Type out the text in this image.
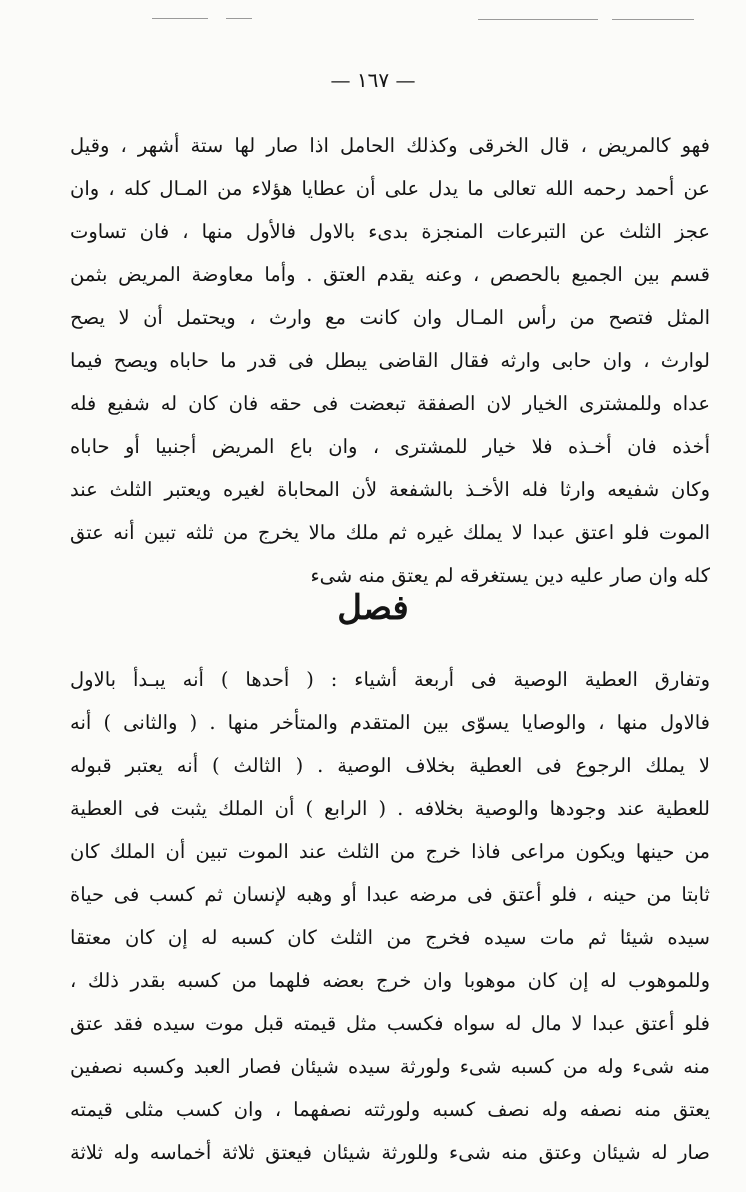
— ١٦٧ —
فهو كالمريض ، قال الخرقى وكذلك الحامل اذا صار لها ستة أشهر ، وقيل
عن أحمد رحمه الله تعالى ما يدل على أن عطايا هؤلاء من المـال كله ، وان
عجز الثلث عن التبرعات المنجزة بدىء بالاول فالأول منها ، فان تساوت
قسم بين الجميع بالحصص ، وعنه يقدم العتق . وأما معاوضة المريض بثمن
المثل فتصح من رأس المـال وان كانت مع وارث ، ويحتمل أن لا يصح
لوارث ، وان حابى وارثه فقال القاضى يبطل فى قدر ما حاباه ويصح فيما
عداه وللمشترى الخيار لان الصفقة تبعضت فى حقه فان كان له شفيع فله
أخذه فان أخـذه فلا خيار للمشترى ، وان باع المريض أجنبيا أو حاباه
وكان شفيعه وارثا فله الأخـذ بالشفعة لأن المحاباة لغيره ويعتبر الثلث عند
الموت فلو اعتق عبدا لا يملك غيره ثم ملك مالا يخرج من ثلثه تبين أنه عتق
كله وان صار عليه دين يستغرقه لم يعتق منه شىء
فصل
وتفارق العطية الوصية فى أربعة أشياء : ( أحدها ) أنه يبـدأ بالاول
فالاول منها ، والوصايا يسوّى بين المتقدم والمتأخر منها . ( والثانى ) أنه
لا يملك الرجوع فى العطية بخلاف الوصية . ( الثالث ) أنه يعتبر قبوله
للعطية عند وجودها والوصية بخلافه . ( الرابع ) أن الملك يثبت فى العطية
من حينها ويكون مراعى فاذا خرج من الثلث عند الموت تبين أن الملك كان
ثابتا من حينه ، فلو أعتق فى مرضه عبدا أو وهبه لإنسان ثم كسب فى حياة
سيده شيئا ثم مات سيده فخرج من الثلث كان كسبه له إن كان معتقا
وللموهوب له إن كان موهوبا وان خرج بعضه فلهما من كسبه بقدر ذلك ،
فلو أعتق عبدا لا مال له سواه فكسب مثل قيمته قبل موت سيده فقد عتق
منه شىء وله من كسبه شىء ولورثة سيده شيئان فصار العبد وكسبه نصفين
يعتق منه نصفه وله نصف كسبه ولورثته نصفهما ، وان كسب مثلى قيمته
صار له شيئان وعتق منه شىء وللورثة شيئان فيعتق ثلاثة أخماسه وله ثلاثة
